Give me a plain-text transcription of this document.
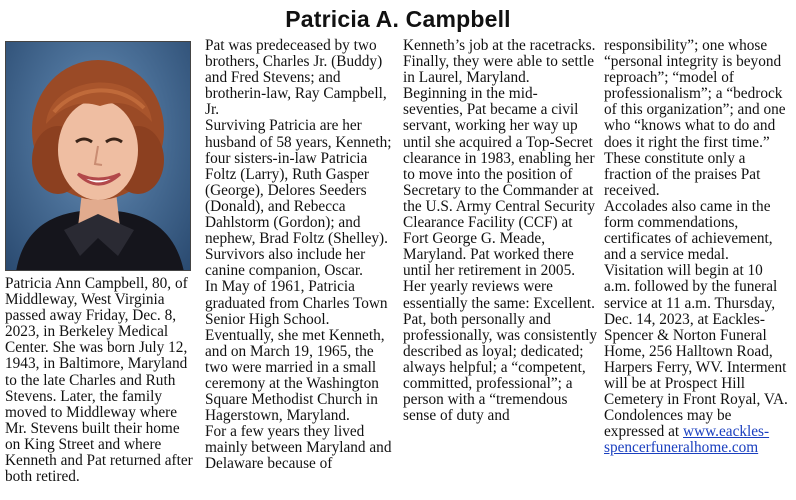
Patricia A. Campbell

Patricia Ann Campbell, 80, of Middleway, West Virginia passed away Friday, Dec. 8, 2023, in Berkeley Medical Center. She was born July 12, 1943, in Baltimore, Maryland to the late Charles and Ruth Stevens. Later, the family moved to Middleway where Mr. Stevens built their home on King Street and where Kenneth and Pat returned after both retired.

Pat was predeceased by two brothers, Charles Jr. (Buddy) and Fred Stevens; and brotherin-law, Ray Campbell, Jr.

Surviving Patricia are her husband of 58 years, Kenneth; four sisters-in-law Patricia Foltz (Larry), Ruth Gasper (George), Delores Seeders (Donald), and Rebecca Dahlstorm (Gordon); and nephew, Brad Foltz (Shelley). Survivors also include her canine companion, Oscar.

In May of 1961, Patricia graduated from Charles Town Senior High School. Eventually, she met Kenneth, and on March 19, 1965, the two were married in a small ceremony at the Washington Square Methodist Church in Hagerstown, Maryland.

For a few years they lived mainly between Maryland and Delaware because of

Kenneth’s job at the racetracks. Finally, they were able to settle in Laurel, Maryland.

Beginning in the mid-seventies, Pat became a civil servant, working her way up until she acquired a Top-Secret clearance in 1983, enabling her to move into the position of Secretary to the Commander at the U.S. Army Central Security Clearance Facility (CCF) at Fort George G. Meade, Maryland. Pat worked there until her retirement in 2005.

Her yearly reviews were essentially the same: Excellent. Pat, both personally and professionally, was consistently described as loyal; dedicated; always helpful; a “competent, committed, professional”; a person with a “tremendous sense of duty and

responsibility”; one whose “personal integrity is beyond reproach”; “model of professionalism”; a “bedrock of this organization”; and one who “knows what to do and does it right the first time.” These constitute only a fraction of the praises Pat received.

Accolades also came in the form commendations, certificates of achievement, and a service medal.

Visitation will begin at 10 a.m. followed by the funeral service at 11 a.m. Thursday, Dec. 14, 2023, at Eackles-Spencer & Norton Funeral Home, 256 Halltown Road, Harpers Ferry, WV. Interment will be at Prospect Hill Cemetery in Front Royal, VA.

Condolences may be expressed at www.eackles-spencerfuneralhome.com
